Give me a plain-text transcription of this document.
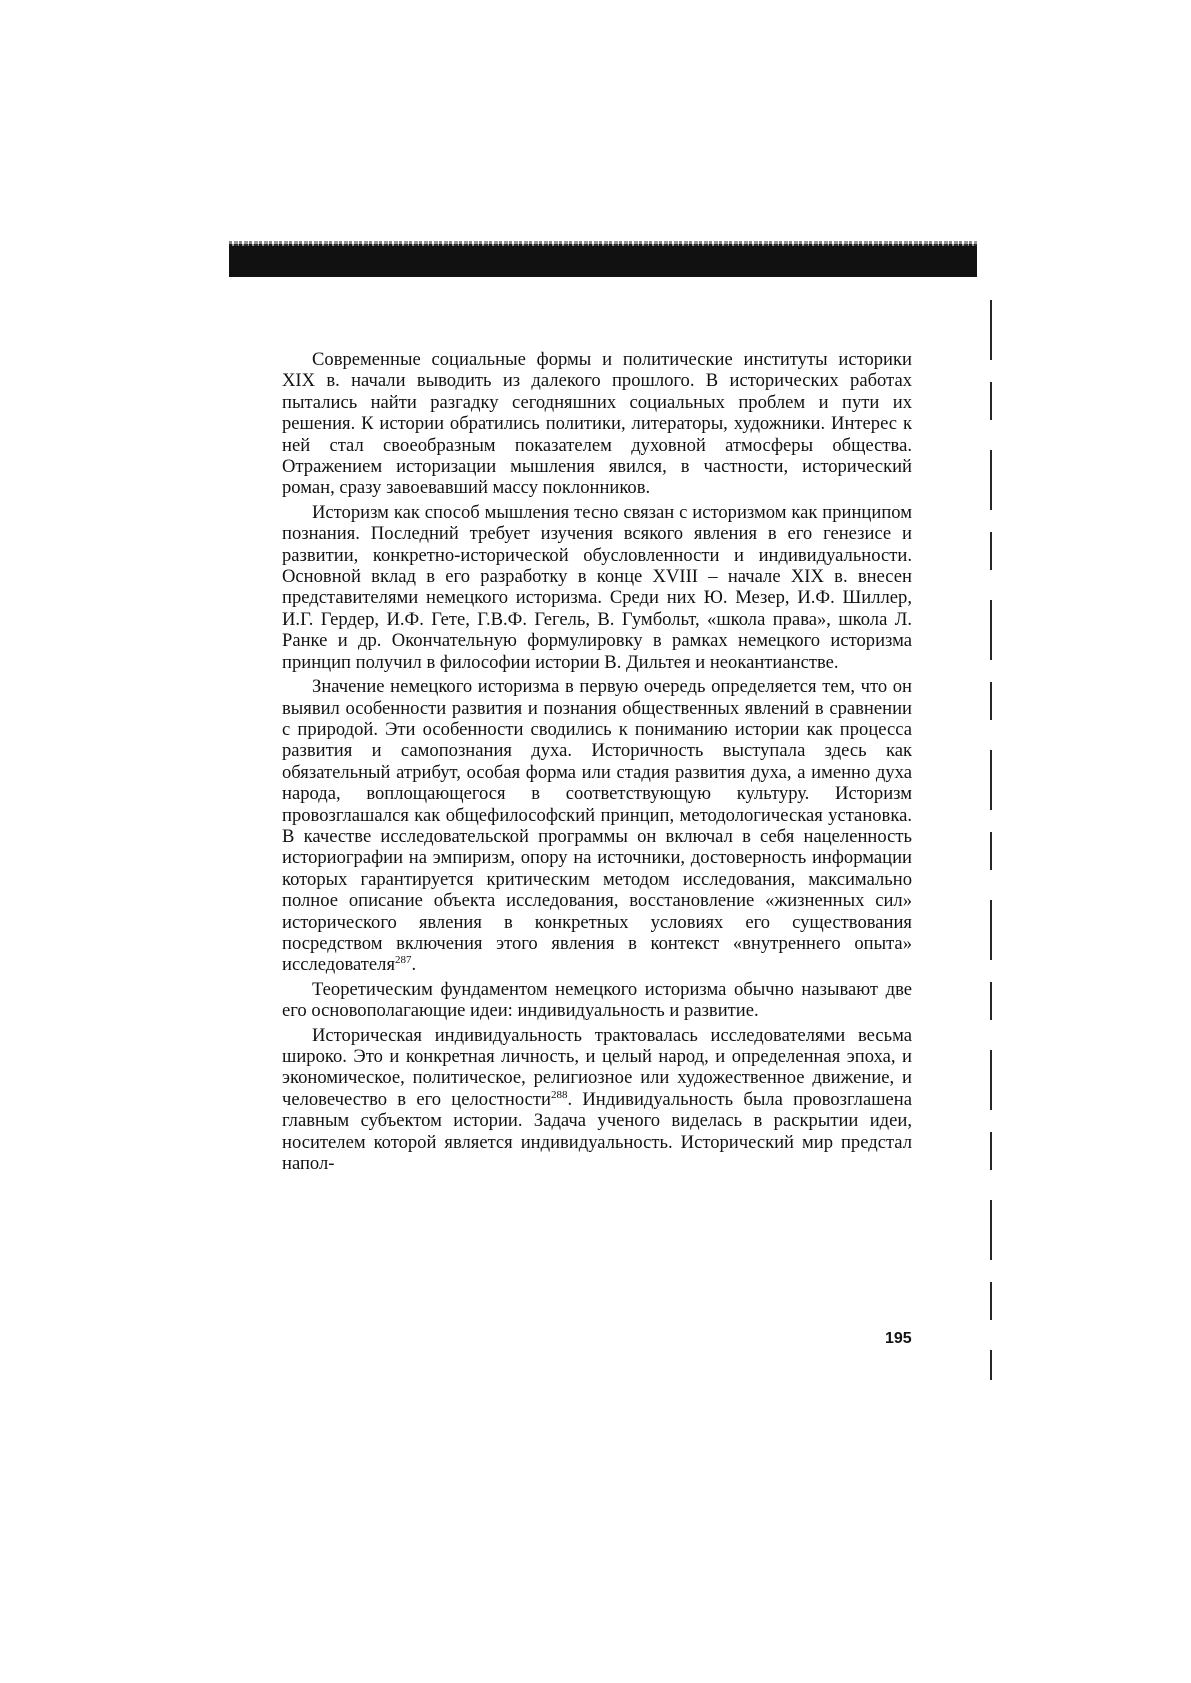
Современные социальные формы и политические институты историки XIX в. начали выводить из далекого прошлого. В исторических работах пытались найти разгадку сегодняшних социальных проблем и пути их решения. К истории обратились политики, литераторы, художники. Интерес к ней стал своеобразным показателем духовной атмосферы общества. Отражением историзации мышления явился, в частности, исторический роман, сразу завоевавший массу поклонников.

Историзм как способ мышления тесно связан с историзмом как принципом познания. Последний требует изучения всякого явления в его генезисе и развитии, конкретно-исторической обусловленности и индивидуальности. Основной вклад в его разработку в конце XVIII – начале XIX в. внесен представителями немецкого историзма. Среди них Ю. Мезер, И.Ф. Шиллер, И.Г. Гердер, И.Ф. Гете, Г.В.Ф. Гегель, В. Гумбольт, «школа права», школа Л. Ранке и др. Окончательную формулировку в рамках немецкого историзма принцип получил в философии истории В. Дильтея и неокантианстве.

Значение немецкого историзма в первую очередь определяется тем, что он выявил особенности развития и познания общественных явлений в сравнении с природой. Эти особенности сводились к пониманию истории как процесса развития и самопознания духа. Историчность выступала здесь как обязательный атрибут, особая форма или стадия развития духа, а именно духа народа, воплощающегося в соответствующую культуру. Историзм провозглашался как общефилософский принцип, методологическая установка. В качестве исследовательской программы он включал в себя нацеленность историографии на эмпиризм, опору на источники, достоверность информации которых гарантируется критическим методом исследования, максимально полное описание объекта исследования, восстановление «жизненных сил» исторического явления в конкретных условиях его существования посредством включения этого явления в контекст «внутреннего опыта» исследователя$^{287}$.

Теоретическим фундаментом немецкого историзма обычно называют две его основополагающие идеи: индивидуальность и развитие.

Историческая индивидуальность трактовалась исследователями весьма широко. Это и конкретная личность, и целый народ, и определенная эпоха, и экономическое, политическое, религиозное или художественное движение, и человечество в его целостности$^{288}$. Индивидуальность была провозглашена главным субъектом истории. Задача ученого виделась в раскрытии идеи, носителем которой является индивидуальность. Исторический мир предстал напол-

195
